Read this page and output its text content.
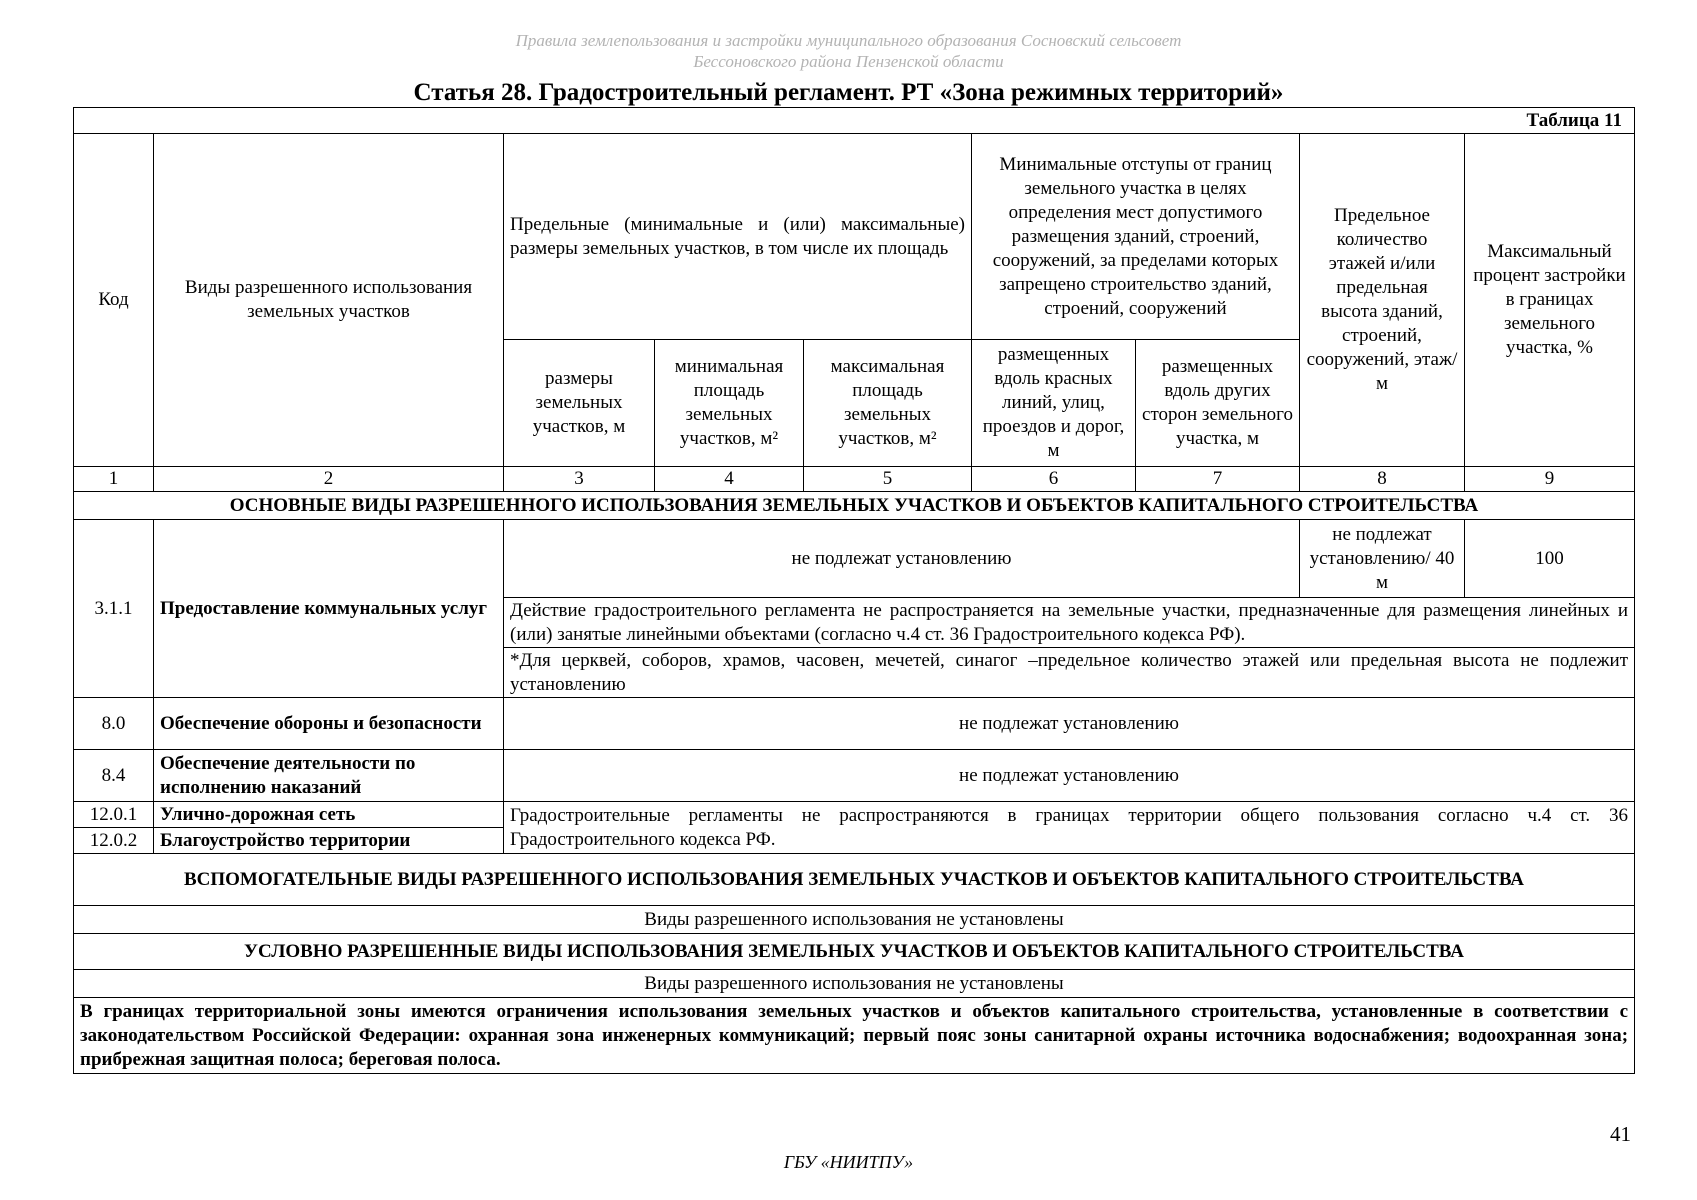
Правила землепользования и застройки муниципального образования Сосновский сельсовет
Бессоновского района Пензенской области
Статья 28. Градостроительный регламент. РТ «Зона режимных территорий»
Таблица 11								
Код	Виды разрешенного использования земельных участков	Предельные (минимальные и (или) максимальные) размеры земельных участков, в том числе их площадь			Минимальные отступы от границ земельного участка в целях определения мест допустимого размещения зданий, строений, сооружений, за пределами которых запрещено строительство зданий, строений, сооружений		Предельное количество этажей и/или предельная высота зданий, строений, сооружений, этаж/м	Максимальный процент застройки в границах земельного участка, %
		размеры земельных участков, м	минимальная площадь земельных участков, м²	максимальная площадь земельных участков, м²	размещенных вдоль красных линий, улиц, проездов и дорог, м	размещенных вдоль других сторон земельного участка, м		
1	2	3	4	5	6	7	8	9
ОСНОВНЫЕ ВИДЫ РАЗРЕШЕННОГО ИСПОЛЬЗОВАНИЯ ЗЕМЕЛЬНЫХ УЧАСТКОВ И ОБЪЕКТОВ КАПИТАЛЬНОГО СТРОИТЕЛЬСТВА								
3.1.1	Предоставление коммунальных услуг	не подлежат установлению					не подлежат установлению/ 40 м	100
		Действие градостроительного регламента не распространяется на земельные участки, предназначенные для размещения линейных и (или) занятые линейными объектами (согласно ч.4 ст. 36 Градостроительного кодекса РФ).						
		*Для церквей, соборов, храмов, часовен, мечетей, синагог –предельное количество этажей или предельная высота не подлежит установлению						
8.0	Обеспечение обороны и безопасности	не подлежат установлению						
8.4	Обеспечение деятельности по исполнению наказаний	не подлежат установлению						
12.0.1	Улично-дорожная сеть	Градостроительные регламенты не распространяются в границах территории общего пользования согласно ч.4 ст. 36 Градостроительного кодекса РФ.						
12.0.2	Благоустройство территории							
ВСПОМОГАТЕЛЬНЫЕ ВИДЫ РАЗРЕШЕННОГО ИСПОЛЬЗОВАНИЯ ЗЕМЕЛЬНЫХ УЧАСТКОВ И ОБЪЕКТОВ КАПИТАЛЬНОГО СТРОИТЕЛЬСТВА								
Виды разрешенного использования не установлены								
УСЛОВНО РАЗРЕШЕННЫЕ ВИДЫ ИСПОЛЬЗОВАНИЯ ЗЕМЕЛЬНЫХ УЧАСТКОВ И ОБЪЕКТОВ КАПИТАЛЬНОГО СТРОИТЕЛЬСТВА								
Виды разрешенного использования не установлены								
В границах территориальной зоны имеются ограничения использования земельных участков и объектов капитального строительства, установленные в соответствии с законодательством Российской Федерации: охранная зона инженерных коммуникаций; первый пояс зоны санитарной охраны источника водоснабжения; водоохранная зона; прибрежная защитная полоса; береговая полоса.								
41
ГБУ «НИИТПУ»
